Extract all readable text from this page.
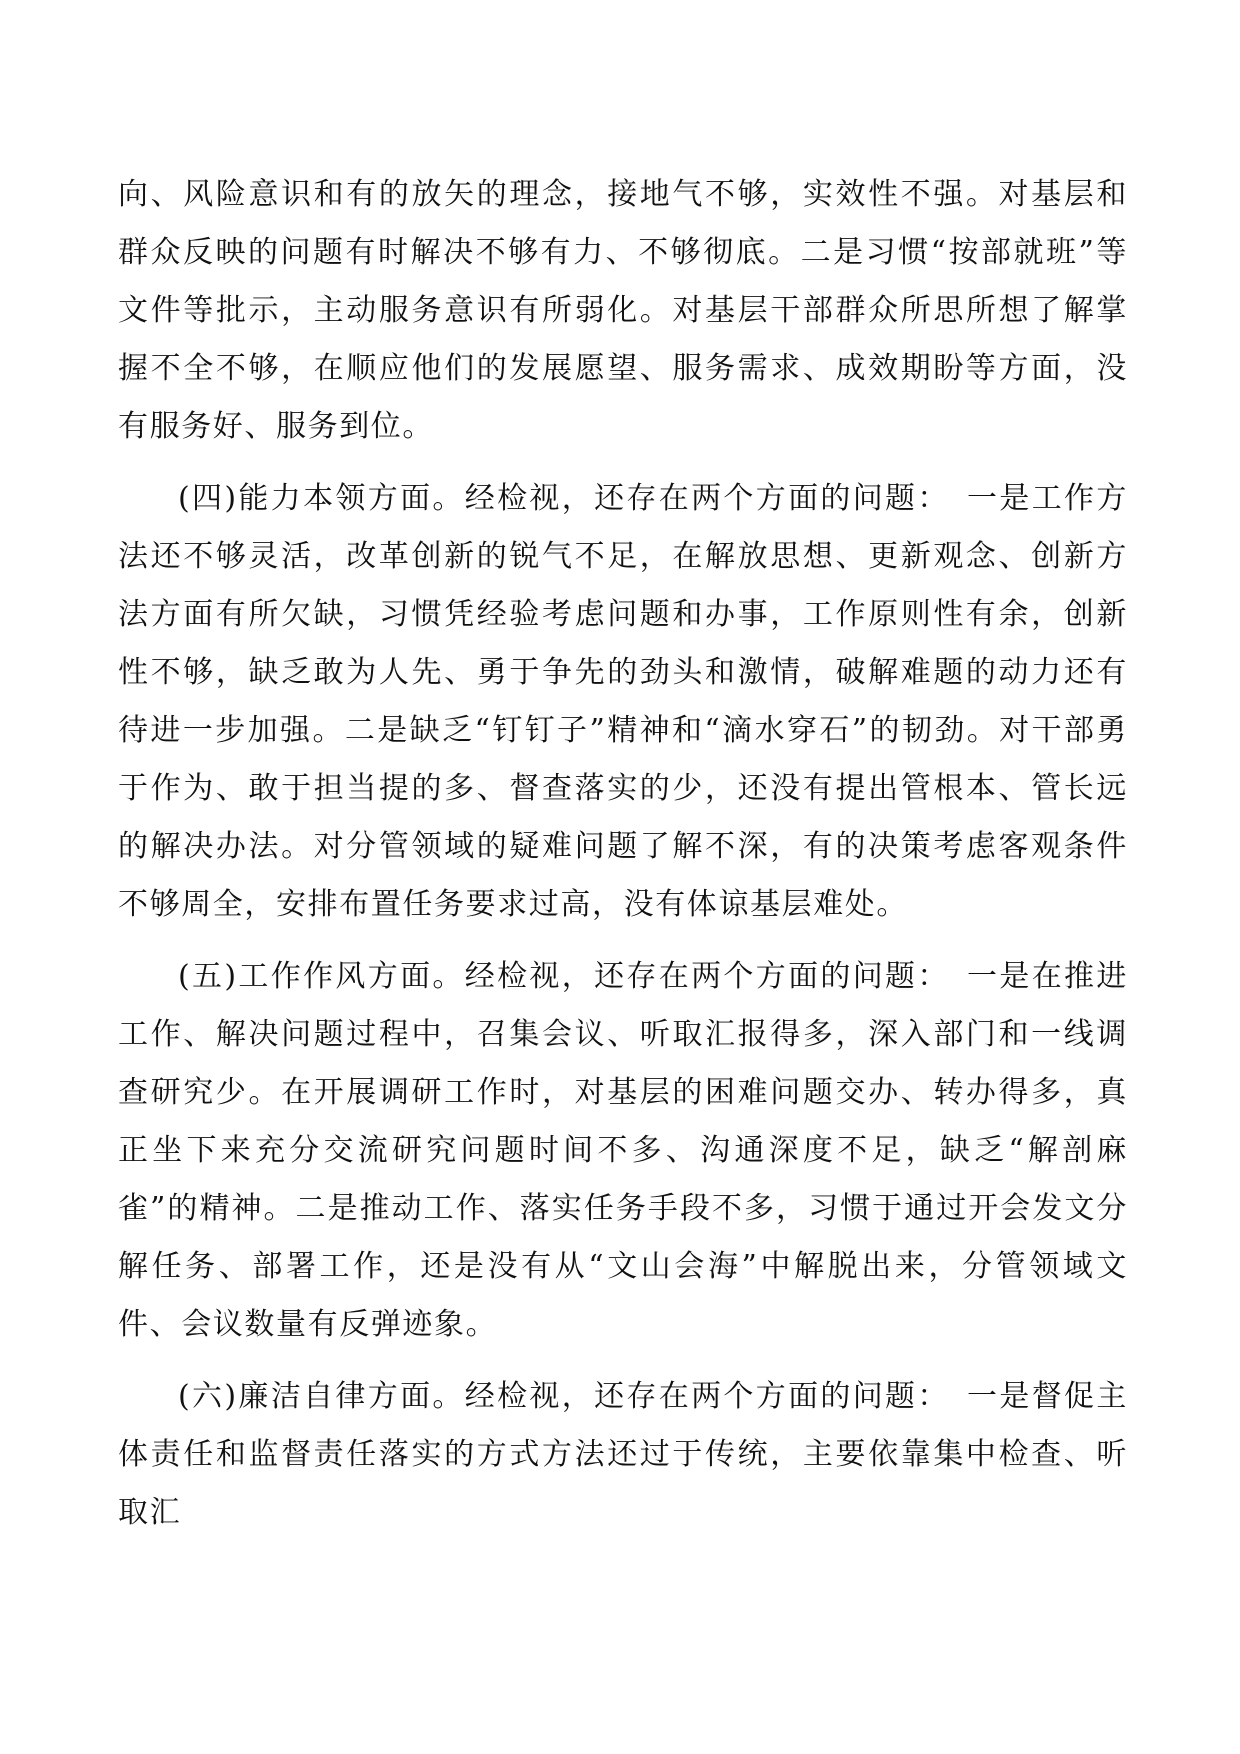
向、风险意识和有的放矢的理念，接地气不够，实效性不强。对基层和群众反映的问题有时解决不够有力、不够彻底。二是习惯“按部就班”等文件等批示，主动服务意识有所弱化。对基层干部群众所思所想了解掌握不全不够，在顺应他们的发展愿望、服务需求、成效期盼等方面，没有服务好、服务到位。

(四)能力本领方面。经检视，还存在两个方面的问题：　一是工作方法还不够灵活，改革创新的锐气不足，在解放思想、更新观念、创新方法方面有所欠缺，习惯凭经验考虑问题和办事，工作原则性有余，创新性不够，缺乏敢为人先、勇于争先的劲头和激情，破解难题的动力还有待进一步加强。二是缺乏“钉钉子”精神和“滴水穿石”的韧劲。对干部勇于作为、敢于担当提的多、督查落实的少，还没有提出管根本、管长远的解决办法。对分管领域的疑难问题了解不深，有的决策考虑客观条件不够周全，安排布置任务要求过高，没有体谅基层难处。

(五)工作作风方面。经检视，还存在两个方面的问题：　一是在推进工作、解决问题过程中，召集会议、听取汇报得多，深入部门和一线调查研究少。在开展调研工作时，对基层的困难问题交办、转办得多，真正坐下来充分交流研究问题时间不多、沟通深度不足，缺乏“解剖麻雀”的精神。二是推动工作、落实任务手段不多，习惯于通过开会发文分解任务、部署工作，还是没有从“文山会海”中解脱出来，分管领域文件、会议数量有反弹迹象。

(六)廉洁自律方面。经检视，还存在两个方面的问题：　一是督促主体责任和监督责任落实的方式方法还过于传统，主要依靠集中检查、听取汇
